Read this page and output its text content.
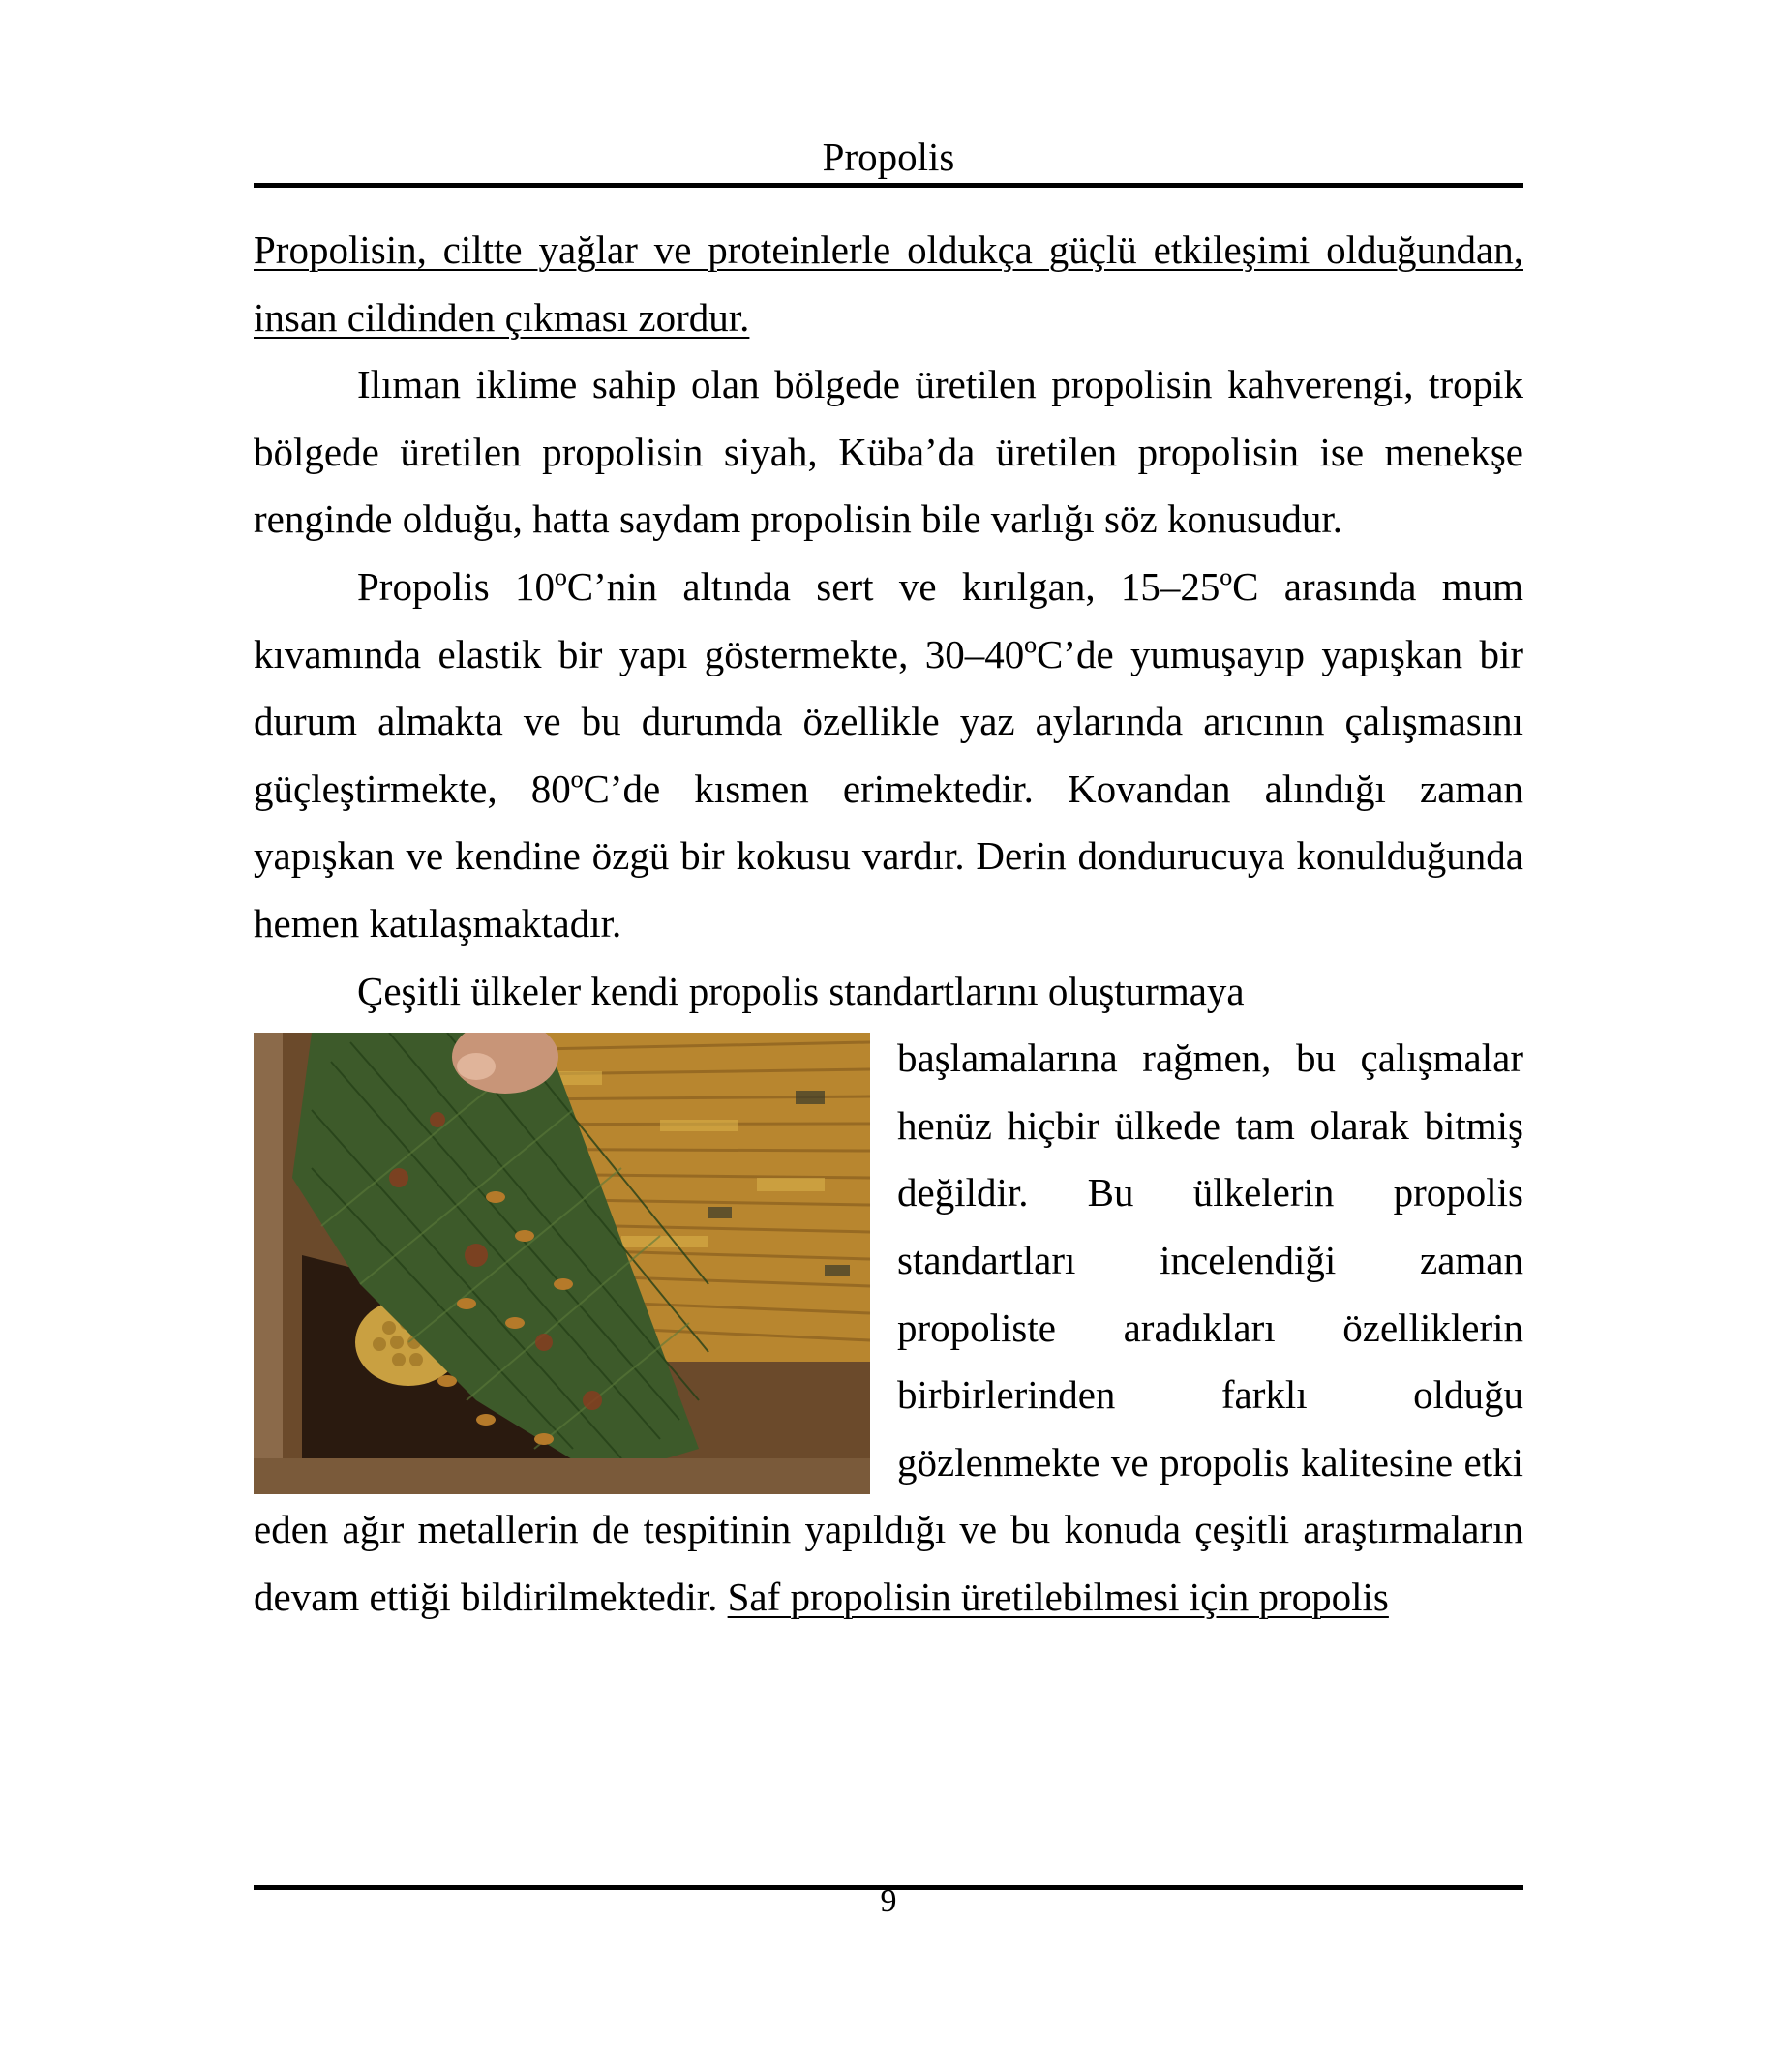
Propolis

Propolisin, ciltte yağlar ve proteinlerle oldukça güçlü etkileşimi olduğundan, insan cildinden çıkması zordur.

Ilıman iklime sahip olan bölgede üretilen propolisin kahverengi, tropik bölgede üretilen propolisin siyah, Küba’da üretilen propolisin ise menekşe renginde olduğu, hatta saydam propolisin bile varlığı söz konusudur.

Propolis 10ºC’nin altında sert ve kırılgan, 15–25ºC arasında mum kıvamında elastik bir yapı göstermekte, 30–40ºC’de yumuşayıp yapışkan bir durum almakta ve bu durumda özellikle yaz aylarında arıcının çalışmasını güçleştirmekte, 80ºC’de kısmen erimektedir. Kovandan alındığı zaman yapışkan ve kendine özgü bir kokusu vardır. Derin dondurucuya konulduğunda hemen katılaşmaktadır.

Çeşitli ülkeler kendi propolis standartlarını oluşturmaya

başlamalarına rağmen, bu çalışmalar henüz hiçbir ülkede tam olarak bitmiş değildir. Bu ülkelerin propolis standartları incelendiği zaman propoliste aradıkları özelliklerin birbirlerinden farklı olduğu gözlenmekte ve propolis kalitesine etki eden ağır metallerin de tespitinin yapıldığı ve bu konuda çeşitli araştırmaların devam ettiği bildirilmektedir. Saf propolisin üretilebilmesi için propolis

9
